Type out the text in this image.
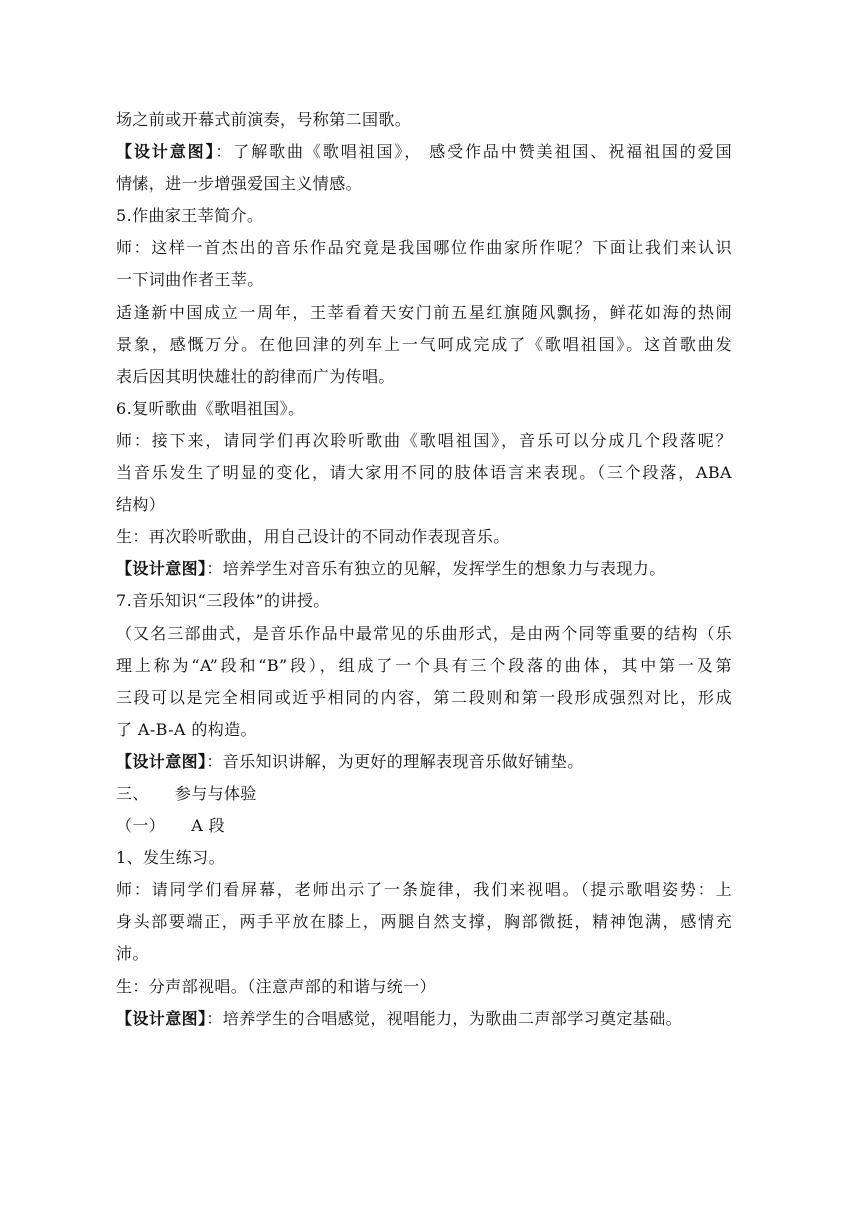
场之前或开幕式前演奏，号称第二国歌。
【设计意图】：了解歌曲《歌唱祖国》， 感受作品中赞美祖国、祝福祖国的爱国
情愫，进一步增强爱国主义情感。
5.作曲家王莘简介。
师：这样一首杰出的音乐作品究竟是我国哪位作曲家所作呢？下面让我们来认识
一下词曲作者王莘。
适逢新中国成立一周年，王莘看着天安门前五星红旗随风飘扬，鲜花如海的热闹
景象，感慨万分。在他回津的列车上一气呵成完成了《歌唱祖国》。这首歌曲发
表后因其明快雄壮的韵律而广为传唱。
6.复听歌曲《歌唱祖国》。
师：接下来，请同学们再次聆听歌曲《歌唱祖国》，音乐可以分成几个段落呢？
当音乐发生了明显的变化，请大家用不同的肢体语言来表现。（三个段落，ABA
结构）
生：再次聆听歌曲，用自己设计的不同动作表现音乐。
【设计意图】：培养学生对音乐有独立的见解，发挥学生的想象力与表现力。
7.音乐知识“三段体”的讲授。
（又名三部曲式，是音乐作品中最常见的乐曲形式，是由两个同等重要的结构（乐
理上称为“A”段和“B”段），组成了一个具有三个段落的曲体，其中第一及第
三段可以是完全相同或近乎相同的内容，第二段则和第一段形成强烈对比，形成
了 A-B-A 的构造。
【设计意图】：音乐知识讲解，为更好的理解表现音乐做好铺垫。
三、 参与与体验
（一） A 段
1、发生练习。
师：请同学们看屏幕，老师出示了一条旋律，我们来视唱。（提示歌唱姿势：上
身头部要端正，两手平放在膝上，两腿自然支撑，胸部微挺，精神饱满，感情充
沛。
生：分声部视唱。（注意声部的和谐与统一）
【设计意图】：培养学生的合唱感觉，视唱能力，为歌曲二声部学习奠定基础。
